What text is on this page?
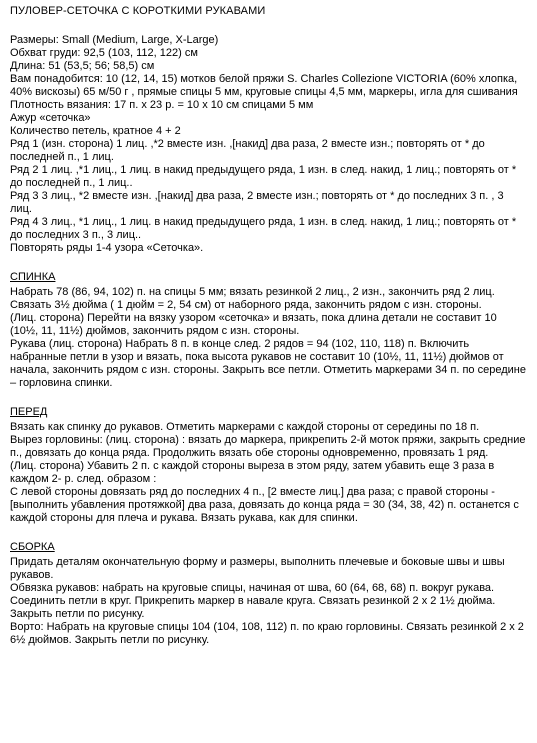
ПУЛОВЕР-СЕТОЧКА С КОРОТКИМИ РУКАВАМИ

Размеры: Small (Medium, Large, X-Large)

Обхват груди: 92,5 (103, 112, 122) см

Длина: 51 (53,5; 56; 58,5) см

Вам понадобится: 10 (12, 14, 15) мотков белой пряжи S. Charles Collezione VICTORIA (60% хлопка, 40% вискозы) 65 м/50 г , прямые спицы 5 мм, круговые спицы 4,5 мм, маркеры, игла для сшивания

Плотность вязания: 17 п. х 23 р. = 10 х 10 см спицами 5 мм

Ажур «сеточка»

Количество петель, кратное 4 + 2

Ряд 1 (изн. сторона) 1 лиц. ,*2 вместе изн. ,[накид] два раза, 2 вместе изн.; повторять от * до последней п., 1 лиц.

Ряд 2 1 лиц. ,*1 лиц., 1 лиц. в накид предыдущего ряда, 1 изн. в след. накид, 1 лиц.; повторять от * до последней п., 1 лиц..

Ряд 3 3 лиц., *2 вместе изн. ,[накид] два раза, 2 вместе изн.; повторять от * до последних 3 п. , 3 лиц.

Ряд 4 3 лиц., *1 лиц., 1 лиц. в накид предыдущего ряда, 1 изн. в след. накид, 1 лиц.; повторять от * до последних 3 п., 3 лиц..

Повторять ряды 1-4 узора «Сеточка».

СПИНКА

Набрать 78 (86, 94, 102) п. на спицы 5 мм; вязать резинкой 2 лиц., 2 изн., закончить ряд 2 лиц. Связать 3½ дюйма ( 1 дюйм = 2, 54 см) от наборного ряда, закончить рядом с изн. стороны.

(Лиц. сторона) Перейти на вязку узором «сеточка» и вязать, пока длина детали не составит 10 (10½, 11, 11½) дюймов, закончить рядом с изн. стороны.

Рукава (лиц. сторона) Набрать 8 п. в конце след. 2 рядов = 94 (102, 110, 118) п. Включить набранные петли в узор и вязать, пока высота рукавов не составит 10 (10½, 11, 11½) дюймов от начала, закончить рядом с изн. стороны. Закрыть все петли. Отметить маркерами 34 п. по середине – горловина спинки.

ПЕРЕД

Вязать как спинку до рукавов. Отметить маркерами с каждой стороны от середины по 18 п.

Вырез горловины: (лиц. сторона) : вязать до маркера, прикрепить 2-й моток пряжи, закрыть средние п., довязать до конца ряда. Продолжить вязать обе стороны одновременно, провязать 1 ряд.

(Лиц. сторона) Убавить 2 п. с каждой стороны выреза в этом ряду, затем убавить еще 3 раза в каждом 2- р. след. образом :

С левой стороны довязать ряд до последних 4 п., [2 вместе лиц.] два раза; с правой стороны - [выполнить убавления протяжкой] два раза, довязать до конца ряда = 30 (34, 38, 42) п. останется с каждой стороны для плеча и рукава. Вязать рукава, как для спинки.

СБОРКА

Придать деталям окончательную форму и размеры, выполнить плечевые и боковые швы и швы рукавов.

Обвязка рукавов: набрать на круговые спицы, начиная от шва, 60 (64, 68, 68) п. вокруг рукава. Соединить петли в круг. Прикрепить маркер в навале круга. Связать резинкой 2 х 2 1½ дюйма. Закрыть петли по рисунку.

Вортo: Набрать на круговые спицы 104 (104, 108, 112) п. по краю горловины. Связать резинкой 2 х 2 6½ дюймов. Закрыть петли по рисунку.
